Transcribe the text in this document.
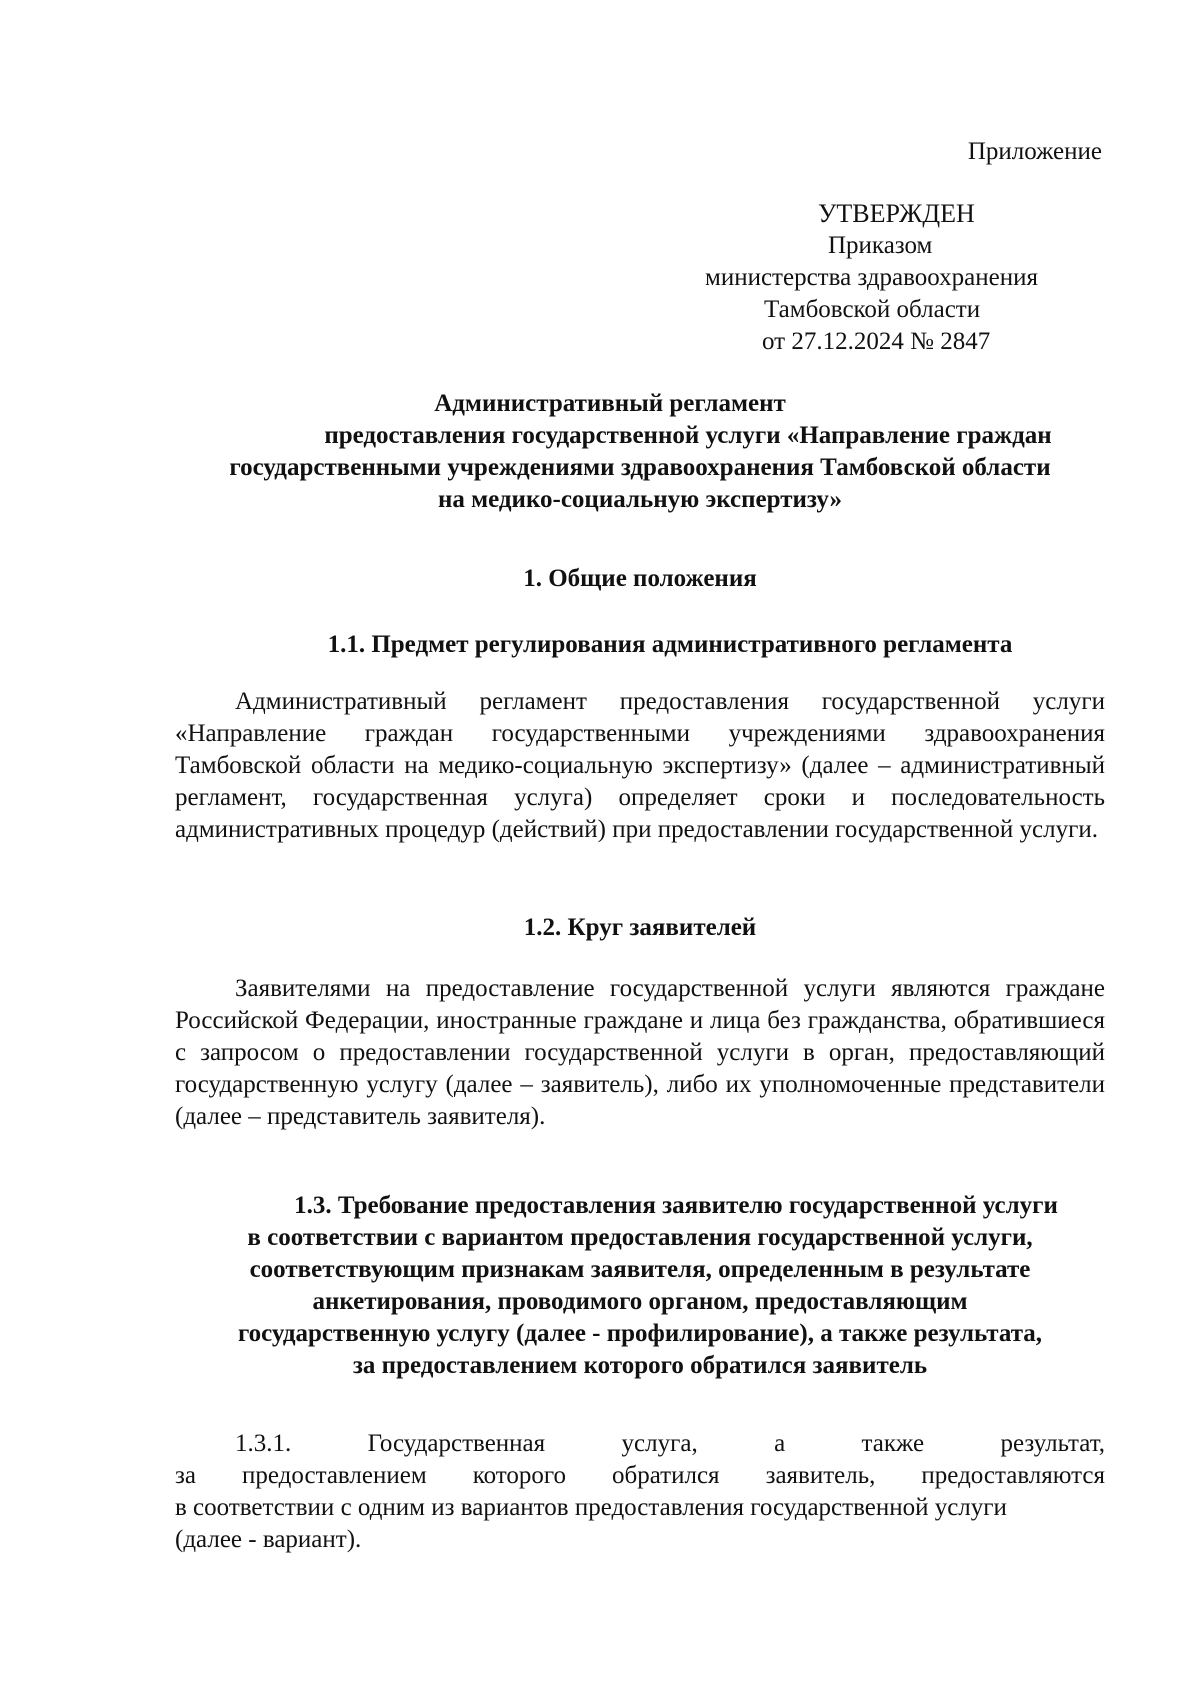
Приложение
УТВЕРЖДЕН
Приказом
министерства здравоохранения
Тамбовской области
от 27.12.2024 № 2847
Административный регламент
предоставления государственной услуги «Направление граждан
государственными учреждениями здравоохранения Тамбовской области
на медико-социальную экспертизу»
1. Общие положения
1.1. Предмет регулирования административного регламента
Административный регламент предоставления государственной услуги «Направление граждан государственными учреждениями здравоохранения Тамбовской области на медико-социальную экспертизу» (далее – административный регламент, государственная услуга) определяет сроки и последовательность административных процедур (действий) при предоставлении государственной услуги.
1.2. Круг заявителей
Заявителями на предоставление государственной услуги являются граждане Российской Федерации, иностранные граждане и лица без гражданства, обратившиеся с запросом о предоставлении государственной услуги в орган, предоставляющий государственную услугу (далее – заявитель), либо их уполномоченные представители (далее – представитель заявителя).
1.3. Требование предоставления заявителю государственной услуги
в соответствии с вариантом предоставления государственной услуги,
соответствующим признакам заявителя, определенным в результате
анкетирования, проводимого органом, предоставляющим
государственную услугу (далее - профилирование), а также результата,
за предоставлением которого обратился заявитель
1.3.1.	Государственная	услуга,	а	также	результат,
за предоставлением которого обратился заявитель, предоставляются
в соответствии с одним из вариантов предоставления государственной услуги
(далее - вариант).
